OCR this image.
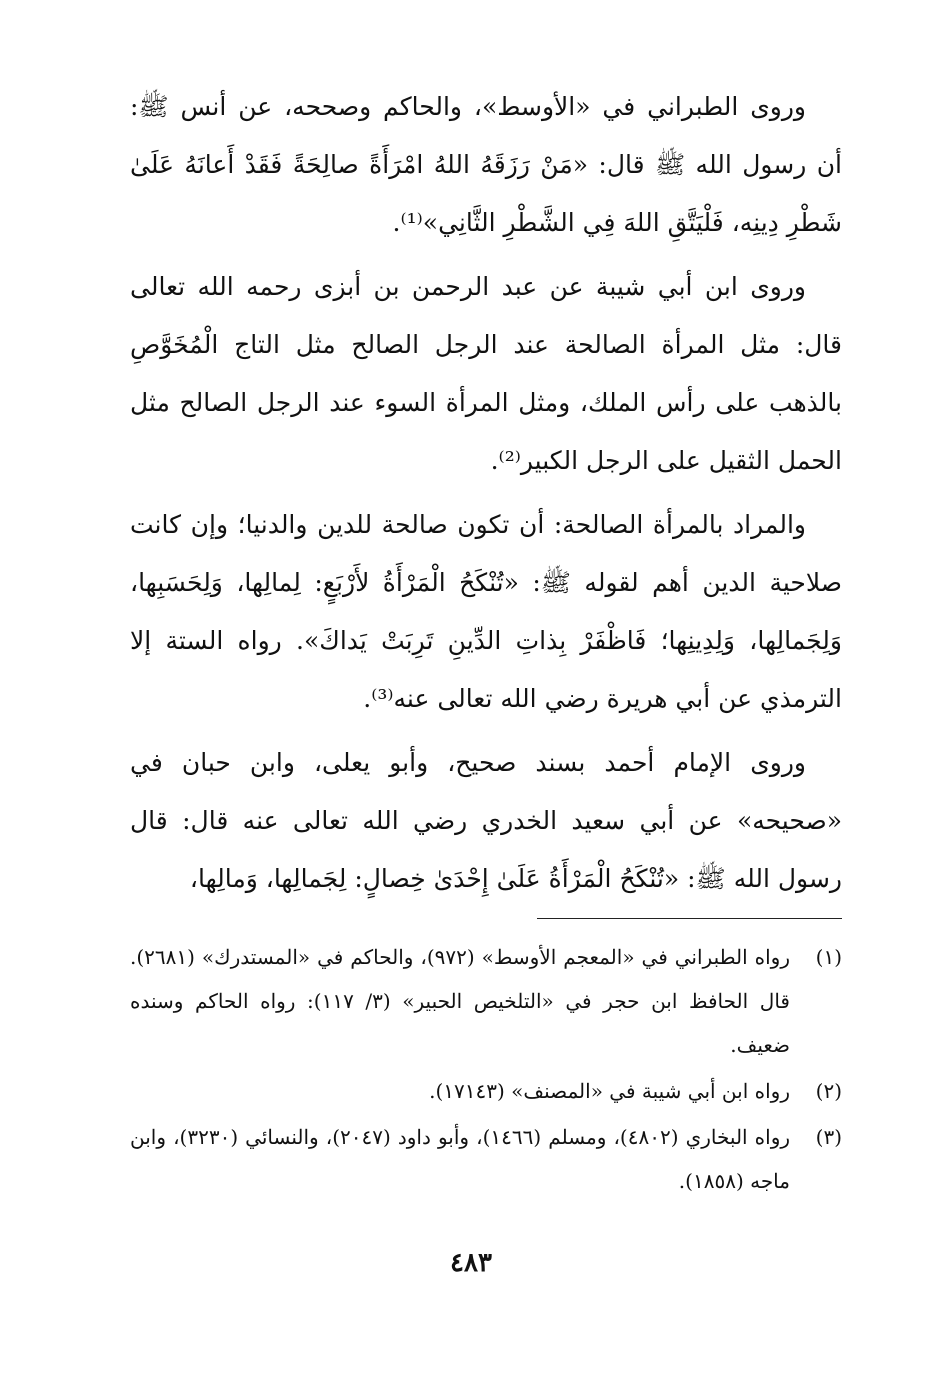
وروى الطبراني في «الأوسط»، والحاكم وصححه، عن أنس ﷺ: أن رسول الله ﷺ قال: «مَنْ رَزَقَهُ اللهُ امْرَأَةً صالِحَةً فَقَدْ أَعانَهُ عَلَىٰ شَطْرِ دِينِه، فَلْيَتَّقِ اللهَ فِي الشَّطْرِ الثَّانِي»⁽¹⁾.

وروى ابن أبي شيبة عن عبد الرحمن بن أبزى رحمه الله تعالى قال: مثل المرأة الصالحة عند الرجل الصالح مثل التاج الْمُخَوَّصِ بالذهب على رأس الملك، ومثل المرأة السوء عند الرجل الصالح مثل الحمل الثقيل على الرجل الكبير⁽²⁾.

والمراد بالمرأة الصالحة: أن تكون صالحة للدين والدنيا؛ وإن كانت صلاحية الدين أهم لقوله ﷺ: «تُنْكَحُ الْمَرْأَةُ لأَرْبَعٍ: لِمالِها، وَلِحَسَبِها، وَلِجَمالِها، وَلِدِينِها؛ فَاظْفَرْ بِذاتِ الدِّينِ تَرِبَتْ يَداكَ». رواه الستة إلا الترمذي عن أبي هريرة رضي الله تعالى عنه⁽³⁾.

وروى الإمام أحمد بسند صحيح، وأبو يعلى، وابن حبان في «صحيحه» عن أبي سعيد الخدري رضي الله تعالى عنه قال: قال رسول الله ﷺ: «تُنْكَحُ الْمَرْأَةُ عَلَىٰ إِحْدَىٰ خِصالٍ: لِجَمالِها، وَمالِها،

(١)
رواه الطبراني في «المعجم الأوسط» (٩٧٢)، والحاكم في «المستدرك» (٢٦٨١). قال الحافظ ابن حجر في «التلخيص الحبير» (٣/ ١١٧): رواه الحاكم وسنده ضعيف.
(٢)
رواه ابن أبي شيبة في «المصنف» (١٧١٤٣).
(٣)
رواه البخاري (٤٨٠٢)، ومسلم (١٤٦٦)، وأبو داود (٢٠٤٧)، والنسائي (٣٢٣٠)، وابن ماجه (١٨٥٨).
٤٨٣
